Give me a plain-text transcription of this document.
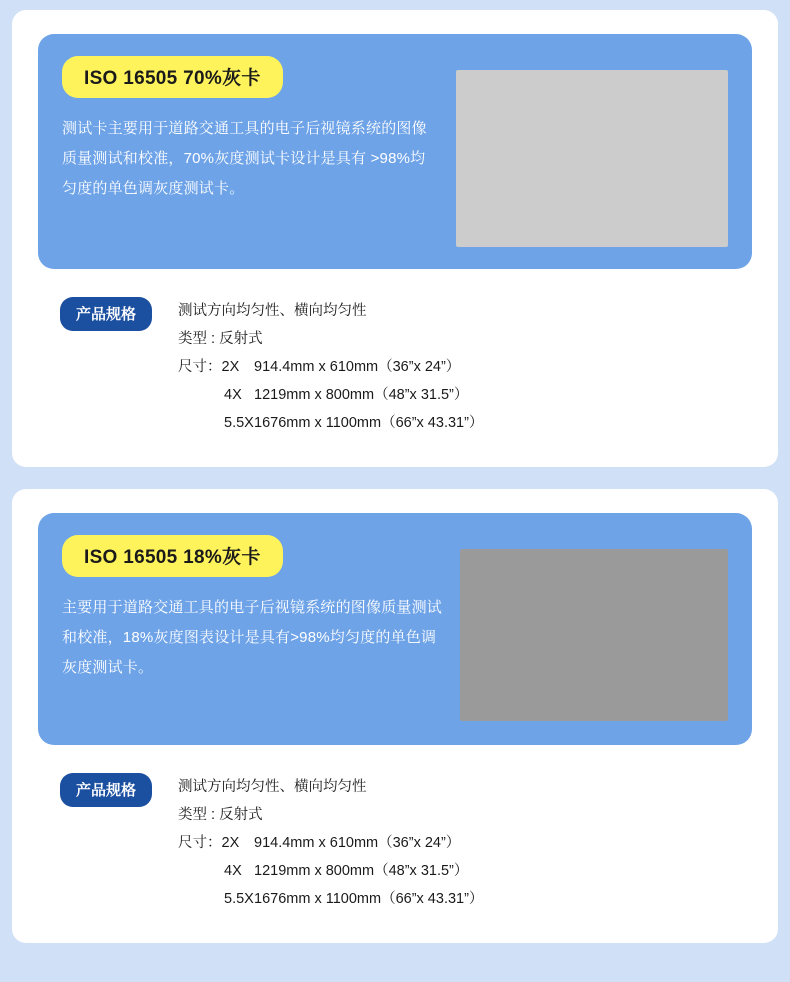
ISO 16505 70%灰卡
测试卡主要用于道路交通工具的电子后视镜系统的图像质量测试和校准，70%灰度测试卡设计是具有 >98%均匀度的单色调灰度测试卡。
产品规格	测试方向均匀性、横向均匀性
类型 : 反射式
尺寸：2X	914.4mm x 610mm（36”x 24”）
4X 1219mm x 800mm（48”x 31.5”）
5.5X 1676mm x 1100mm（66”x 43.31”）
ISO 16505 18%灰卡
主要用于道路交通工具的电子后视镜系统的图像质量测试和校准，18%灰度图表设计是具有>98%均匀度的单色调灰度测试卡。
产品规格	测试方向均匀性、横向均匀性
类型 : 反射式
尺寸：2X	914.4mm x 610mm（36”x 24”）
4X 1219mm x 800mm（48”x 31.5”）
5.5X 1676mm x 1100mm（66”x 43.31”）
